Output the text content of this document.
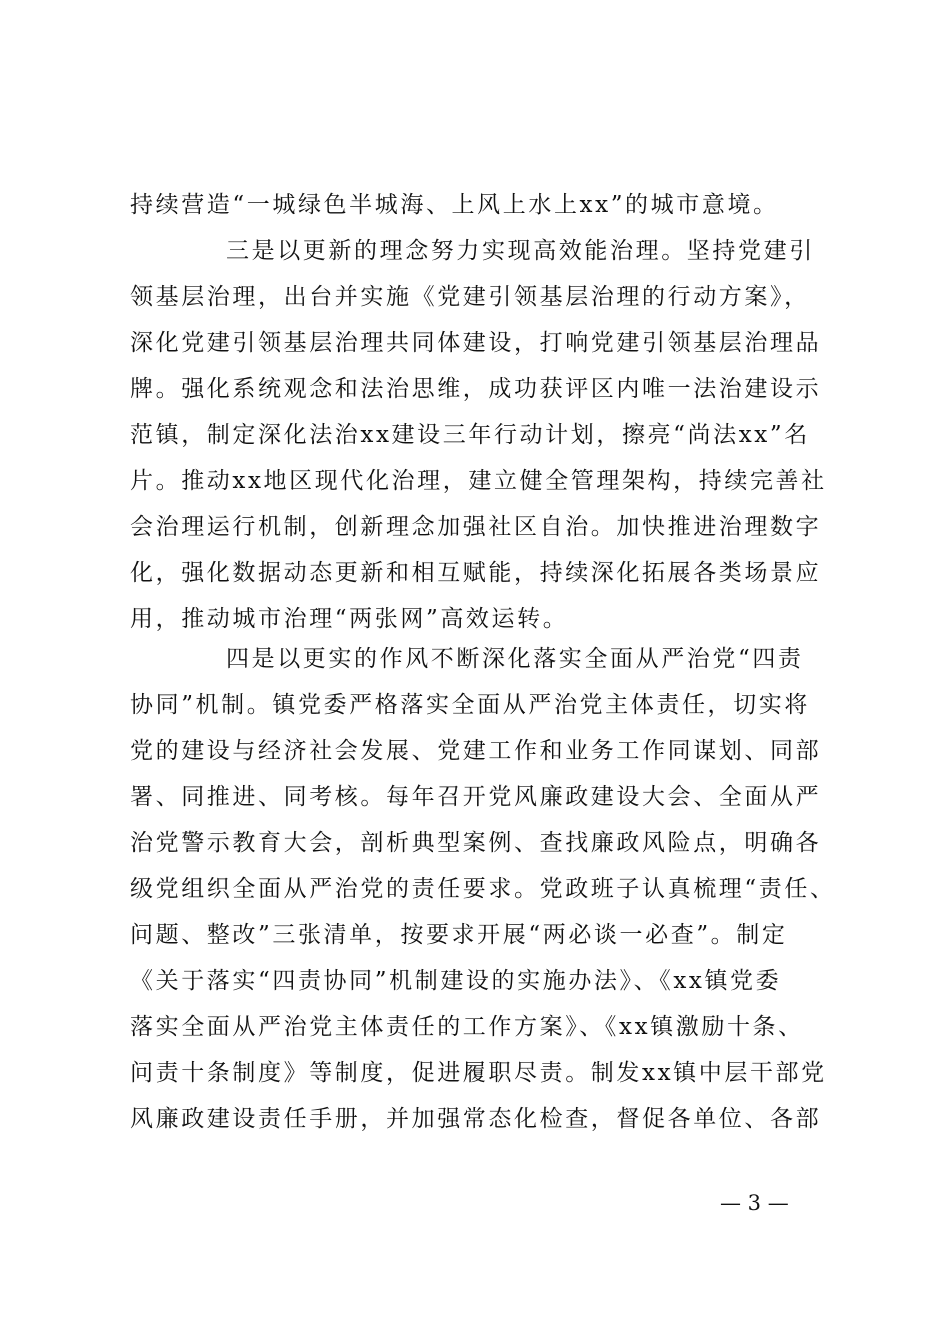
持续营造“一城绿色半城海、上风上水上xx”的城市意境。
三是以更新的理念努力实现高效能治理。坚持党建引
领基层治理，出台并实施《党建引领基层治理的行动方案》，
深化党建引领基层治理共同体建设，打响党建引领基层治理品
牌。强化系统观念和法治思维，成功获评区内唯一法治建设示
范镇，制定深化法治xx建设三年行动计划，擦亮“尚法xx”名
片。推动xx地区现代化治理，建立健全管理架构，持续完善社
会治理运行机制，创新理念加强社区自治。加快推进治理数字
化，强化数据动态更新和相互赋能，持续深化拓展各类场景应
用，推动城市治理“两张网”高效运转。
四是以更实的作风不断深化落实全面从严治党“四责
协同”机制。镇党委严格落实全面从严治党主体责任，切实将
党的建设与经济社会发展、党建工作和业务工作同谋划、同部
署、同推进、同考核。每年召开党风廉政建设大会、全面从严
治党警示教育大会，剖析典型案例、查找廉政风险点，明确各
级党组织全面从严治党的责任要求。党政班子认真梳理“责任、
问题、整改”三张清单，按要求开展“两必谈一必查”。制定
《关于落实“四责协同”机制建设的实施办法》、《xx镇党委
落实全面从严治党主体责任的工作方案》、《xx镇激励十条、
问责十条制度》等制度，促进履职尽责。制发xx镇中层干部党
风廉政建设责任手册，并加强常态化检查，督促各单位、各部
— 3 —
